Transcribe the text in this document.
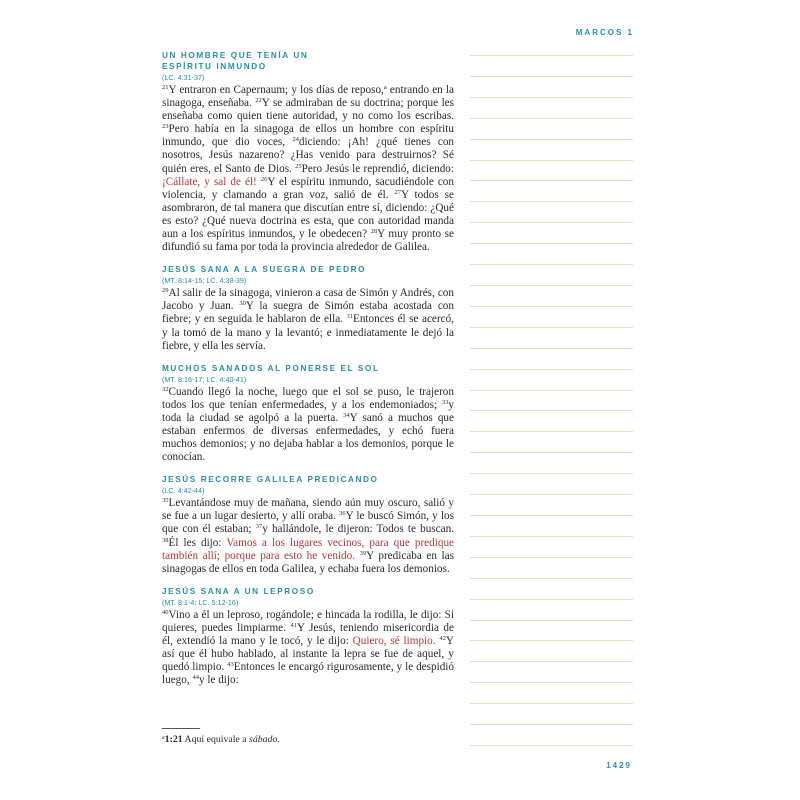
MARCOS 1
UN HOMBRE QUE TENÍA UN
ESPÍRITU INMUNDO
(LC. 4:31-37)
$^{21}$Y entraron en Capernaum; y los días de reposo,$^a$ entrando en la sinagoga, enseñaba. $^{22}$Y se admiraban de su doctrina; porque les enseñaba como quien tiene autoridad, y no como los escribas. $^{23}$Pero había en la sinagoga de ellos un hombre con espíritu inmundo, que dio voces, $^{24}$diciendo: ¡Ah! ¿qué tienes con nosotros, Jesús nazareno? ¿Has venido para destruirnos? Sé quién eres, el Santo de Dios. $^{25}$Pero Jesús le reprendió, diciendo: ¡Cállate, y sal de él! $^{26}$Y el espíritu inmundo, sacudiéndole con violencia, y clamando a gran voz, salió de él. $^{27}$Y todos se asombraron, de tal manera que discutían entre sí, diciendo: ¿Qué es esto? ¿Qué nueva doctrina es esta, que con autoridad manda aun a los espíritus inmundos, y le obedecen? $^{28}$Y muy pronto se difundió su fama por toda la provincia alrededor de Galilea.
JESÚS SANA A LA SUEGRA DE PEDRO
(MT. 8:14-15; LC. 4:38-39)
$^{29}$Al salir de la sinagoga, vinieron a casa de Simón y Andrés, con Jacobo y Juan. $^{30}$Y la suegra de Simón estaba acostada con fiebre; y en seguida le hablaron de ella. $^{31}$Entonces él se acercó, y la tomó de la mano y la levantó; e inmediatamente le dejó la fiebre, y ella les servía.
MUCHOS SANADOS AL PONERSE EL SOL
(MT. 8:16-17; LC. 4:40-41)
$^{32}$Cuando llegó la noche, luego que el sol se puso, le trajeron todos los que tenían enfermedades, y a los endemoniados; $^{33}$y toda la ciudad se agolpó a la puerta. $^{34}$Y sanó a muchos que estaban enfermos de diversas enfermedades, y echó fuera muchos demonios; y no dejaba hablar a los demonios, porque le conocían.
JESÚS RECORRE GALILEA PREDICANDO
(LC. 4:42-44)
$^{35}$Levantándose muy de mañana, siendo aún muy oscuro, salió y se fue a un lugar desierto, y allí oraba. $^{36}$Y le buscó Simón, y los que con él estaban; $^{37}$y hallándole, le dijeron: Todos te buscan. $^{38}$Él les dijo: Vamos a los lugares vecinos, para que predique también allí; porque para esto he venido. $^{39}$Y predicaba en las sinagogas de ellos en toda Galilea, y echaba fuera los demonios.
JESÚS SANA A UN LEPROSO
(MT. 8:1-4; LC. 5:12-16)
$^{40}$Vino a él un leproso, rogándole; e hincada la rodilla, le dijo: Si quieres, puedes limpiarme. $^{41}$Y Jesús, teniendo misericordia de él, extendió la mano y le tocó, y le dijo: Quiero, sé limpio. $^{42}$Y así que él hubo hablado, al instante la lepra se fue de aquel, y quedó limpio. $^{43}$Entonces le encargó rigurosamente, y le despidió luego, $^{44}$y le dijo:
$^a$1:21 Aquí equivale a sábado.
1429
